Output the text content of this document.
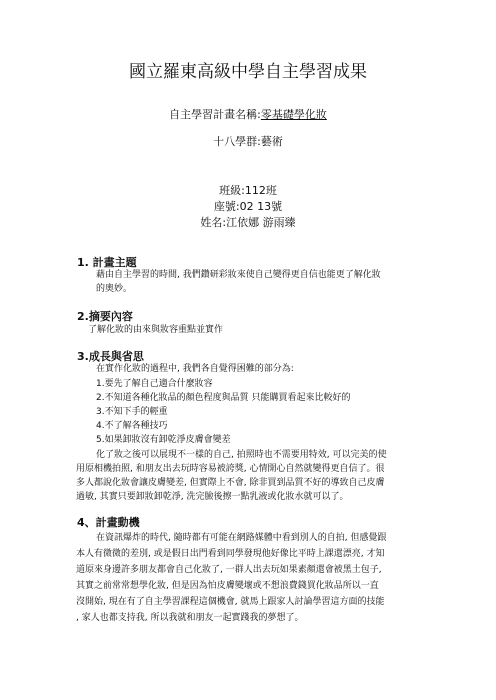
國立羅東高級中學自主學習成果
自主學習計畫名稱:零基礎學化妝
十八學群:藝術
班級:112班
座號:02 13號
姓名:江依娜 游雨臻
1. 計畫主題
藉由自主學習的時間, 我們鑽研彩妝來使自己變得更自信也能更了解化妝
的奧妙。
2.摘要內容
了解化妝的由來與妝容重點並實作
3.成長與省思
在實作化妝的過程中, 我們各自覺得困難的部分為:
1.要先了解自己適合什麼妝容
2.不知道各種化妝品的顏色程度與品質 只能購買看起來比較好的
3.不知下手的輕重
4.不了解各種技巧
5.如果卸妝沒有卸乾淨皮膚會變差
化了妝之後可以展現不一樣的自己, 拍照時也不需要用特效, 可以完美的使
用原相機拍照, 和朋友出去玩時容易被誇獎, 心情開心自然就變得更自信了。很
多人都說化妝會讓皮膚變差, 但實際上不會, 除非買到品質不好的導致自己皮膚
過敏, 其實只要卸妝卸乾淨, 洗完臉後擦一點乳液或化妝水就可以了。
4、計畫動機
在資訊爆炸的時代, 隨時都有可能在網路媒體中看到別人的自拍, 但感覺跟
本人有微微的差別, 或是假日出門看到同學發現他好像比平時上課還漂亮, 才知
道原來身邊許多朋友都會自己化妝了, 一群人出去玩如果素顏還會被黑土包子,
其實之前常常想學化妝, 但是因為怕皮膚變壞或不想浪費錢買化妝品所以一直
沒開始, 現在有了自主學習課程這個機會, 就馬上跟家人討論學習這方面的技能
, 家人也都支持我, 所以我就和朋友一起實踐我的夢想了。
